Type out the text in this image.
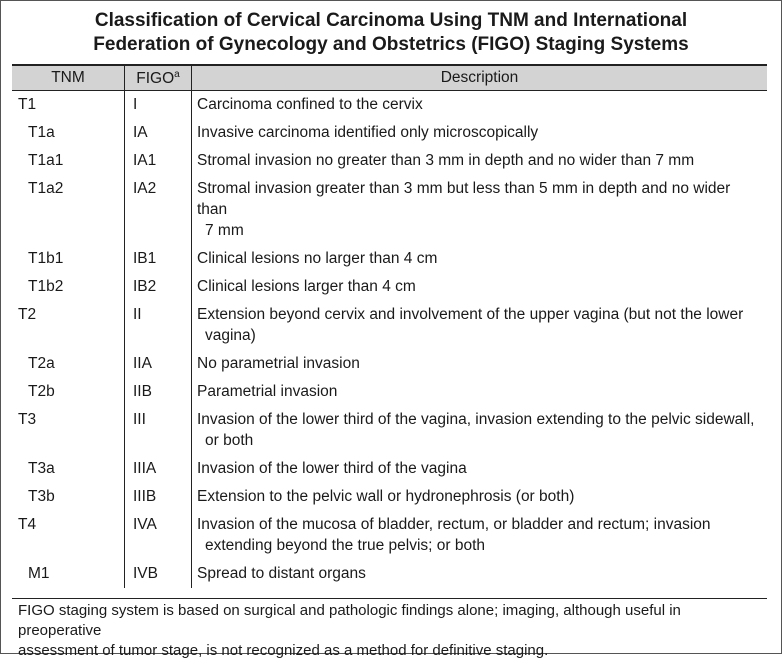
Classification of Cervical Carcinoma Using TNM and International
Federation of Gynecology and Obstetrics (FIGO) Staging Systems
TNM	FIGO$^a$	Description
T1	I	Carcinoma confined to the cervix
T1a	IA	Invasive carcinoma identified only microscopically
T1a1	IA1	Stromal invasion no greater than 3 mm in depth and no wider than 7 mm
T1a2	IA2	Stromal invasion greater than 3 mm but less than 5 mm in depth and no wider than
7 mm

T1b1	IB1	Clinical lesions no larger than 4 cm
T1b2	IB2	Clinical lesions larger than 4 cm
T2	II	Extension beyond cervix and involvement of the upper vagina (but not the lower
vagina)

T2a	IIA	No parametrial invasion
T2b	IIB	Parametrial invasion
T3	III	Invasion of the lower third of the vagina, invasion extending to the pelvic sidewall,
or both

T3a	IIIA	Invasion of the lower third of the vagina
T3b	IIIB	Extension to the pelvic wall or hydronephrosis (or both)
T4	IVA	Invasion of the mucosa of bladder, rectum, or bladder and rectum; invasion
extending beyond the true pelvis; or both

M1	IVB	Spread to distant organs
FIGO staging system is based on surgical and pathologic findings alone; imaging, although useful in preoperative
assessment of tumor stage, is not recognized as a method for definitive staging.
